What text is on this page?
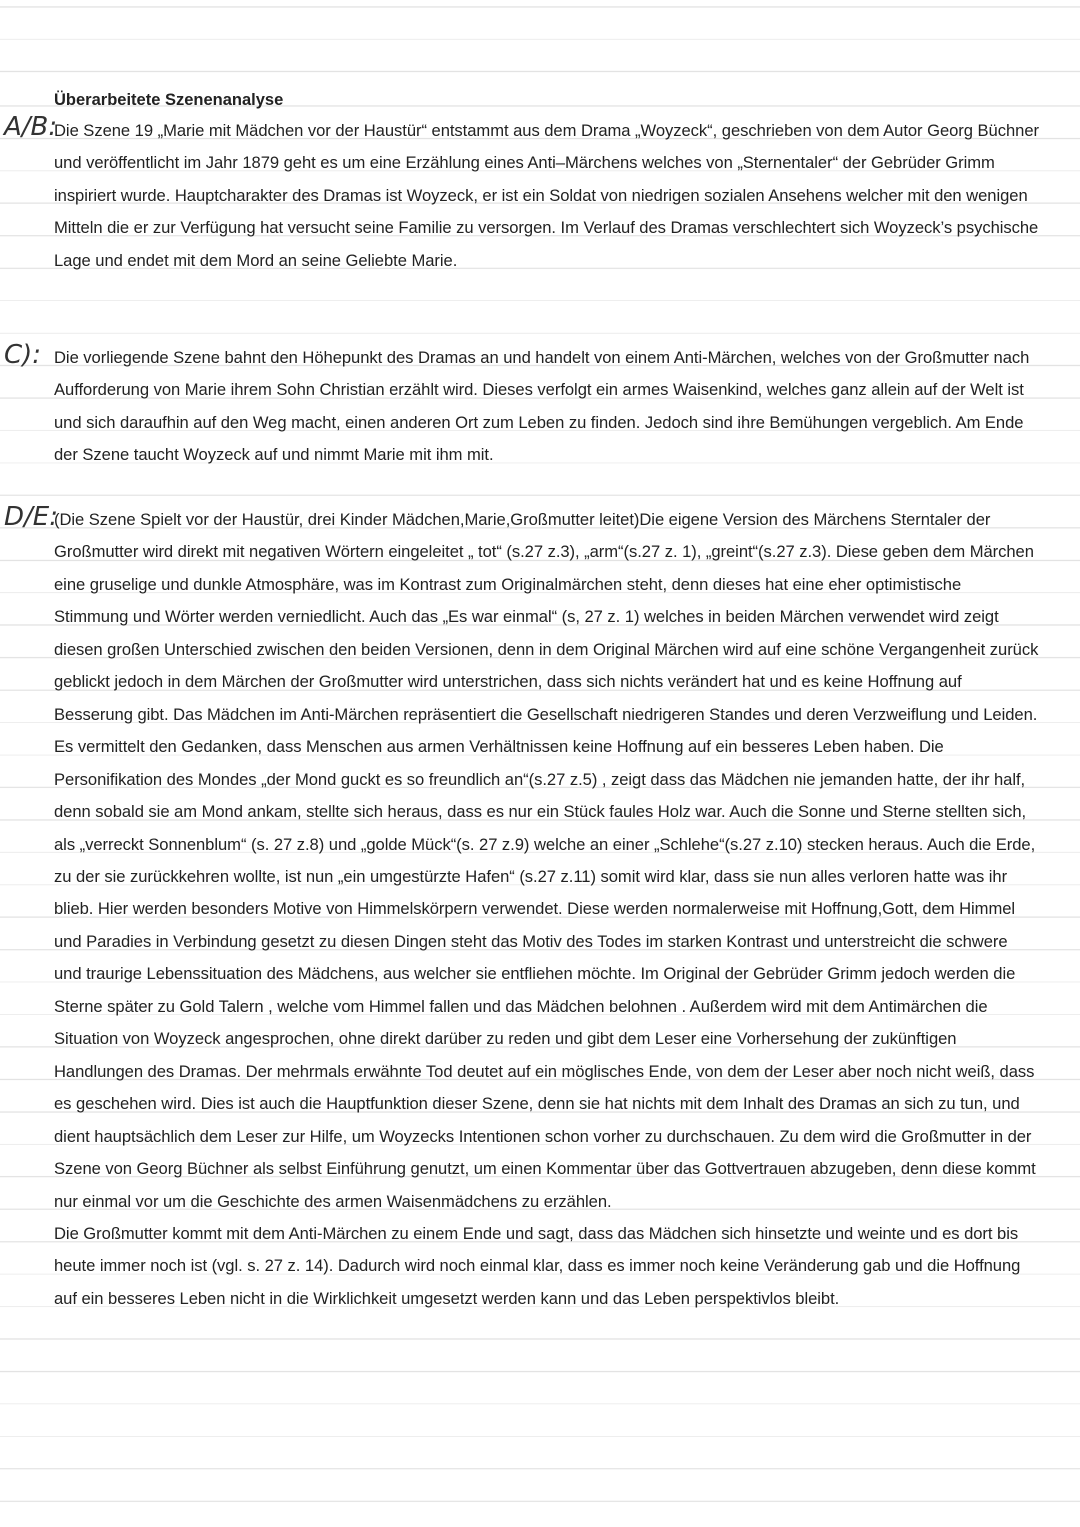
Überarbeitete Szenenanalyse
A/B:

Die Szene 19 „Marie mit Mädchen vor der Haustür“ entstammt aus dem Drama „Woyzeck“, geschrieben von dem Autor Georg Büchner und veröffentlicht im Jahr 1879 geht es um eine Erzählung eines Anti–Märchens welches von „Sternentaler“ der Gebrüder Grimm inspiriert wurde. Hauptcharakter des Dramas ist Woyzeck, er ist ein Soldat von niedrigen sozialen Ansehens welcher mit den wenigen Mitteln die er zur Verfügung hat versucht seine Familie zu versorgen. Im Verlauf des Dramas verschlechtert sich Woyzeck’s psychische Lage und endet mit dem Mord an seine Geliebte Marie.

C): Die vorliegende Szene bahnt den Höhepunkt des Dramas an und handelt von einem Anti-Märchen, welches von der Großmutter nach Aufforderung von Marie ihrem Sohn Christian erzählt wird. Dieses verfolgt ein armes Waisenkind, welches ganz allein auf der Welt ist und sich daraufhin auf den Weg macht, einen anderen Ort zum Leben zu finden. Jedoch sind ihre Bemühungen vergeblich. Am Ende der Szene taucht Woyzeck auf und nimmt Marie mit ihm mit.

D/E:
(Die Szene Spielt vor der Haustür, drei Kinder Mädchen,Marie,Großmutter leitet)Die eigene Version des Märchens Sterntaler der Großmutter wird direkt mit negativen Wörtern eingeleitet „ tot“ (s.27 z.3), „arm“(s.27 z. 1), „greint“(s.27 z.3). Diese geben dem Märchen eine gruselige und dunkle Atmosphäre, was im Kontrast zum Originalmärchen steht, denn dieses hat eine eher optimistische Stimmung und Wörter werden verniedlicht. Auch das „Es war einmal“ (s, 27 z. 1) welches in beiden Märchen verwendet wird zeigt diesen großen Unterschied zwischen den beiden Versionen, denn in dem Original Märchen wird auf eine schöne Vergangenheit zurück geblickt jedoch in dem Märchen der Großmutter wird unterstrichen, dass sich nichts verändert hat und es keine Hoffnung auf Besserung gibt. Das Mädchen im Anti-Märchen repräsentiert die Gesellschaft niedrigeren Standes und deren Verzweiflung und Leiden. Es vermittelt den Gedanken, dass Menschen aus armen Verhältnissen keine Hoffnung auf ein besseres Leben haben. Die Personifikation des Mondes „der Mond guckt es so freundlich an“(s.27 z.5) , zeigt dass das Mädchen nie jemanden hatte, der ihr half, denn sobald sie am Mond ankam, stellte sich heraus, dass es nur ein Stück faules Holz war. Auch die Sonne und Sterne stellten sich, als „verreckt Sonnenblum“ (s. 27 z.8) und „golde Mück“(s. 27 z.9) welche an einer „Schlehe“(s.27 z.10) stecken heraus. Auch die Erde, zu der sie zurückkehren wollte, ist nun „ein umgestürzte Hafen“ (s.27 z.11) somit wird klar, dass sie nun alles verloren hatte was ihr blieb. Hier werden besonders Motive von Himmelskörpern verwendet. Diese werden normalerweise mit Hoffnung,Gott, dem Himmel und Paradies in Verbindung gesetzt zu diesen Dingen steht das Motiv des Todes im starken Kontrast und unterstreicht die schwere und traurige Lebenssituation des Mädchens, aus welcher sie entfliehen möchte. Im Original der Gebrüder Grimm jedoch werden die Sterne später zu Gold Talern , welche vom Himmel fallen und das Mädchen belohnen . Außerdem wird mit dem Antimärchen die Situation von Woyzeck angesprochen, ohne direkt darüber zu reden und gibt dem Leser eine Vorhersehung der zukünftigen Handlungen des Dramas. Der mehrmals erwähnte Tod deutet auf ein möglisches Ende, von dem der Leser aber noch nicht weiß, dass es geschehen wird. Dies ist auch die Hauptfunktion dieser Szene, denn sie hat nichts mit dem Inhalt des Dramas an sich zu tun, und dient hauptsächlich dem Leser zur Hilfe, um Woyzecks Intentionen schon vorher zu durchschauen. Zu dem wird die Großmutter in der Szene von Georg Büchner als selbst Einführung genutzt, um einen Kommentar über das Gottvertrauen abzugeben, denn diese kommt nur einmal vor um die Geschichte des armen Waisenmädchens zu erzählen.
Die Großmutter kommt mit dem Anti-Märchen zu einem Ende und sagt, dass das Mädchen sich hinsetzte und weinte und es dort bis heute immer noch ist (vgl. s. 27 z. 14). Dadurch wird noch einmal klar, dass es immer noch keine Veränderung gab und die Hoffnung auf ein besseres Leben nicht in die Wirklichkeit umgesetzt werden kann und das Leben perspektivlos bleibt.
